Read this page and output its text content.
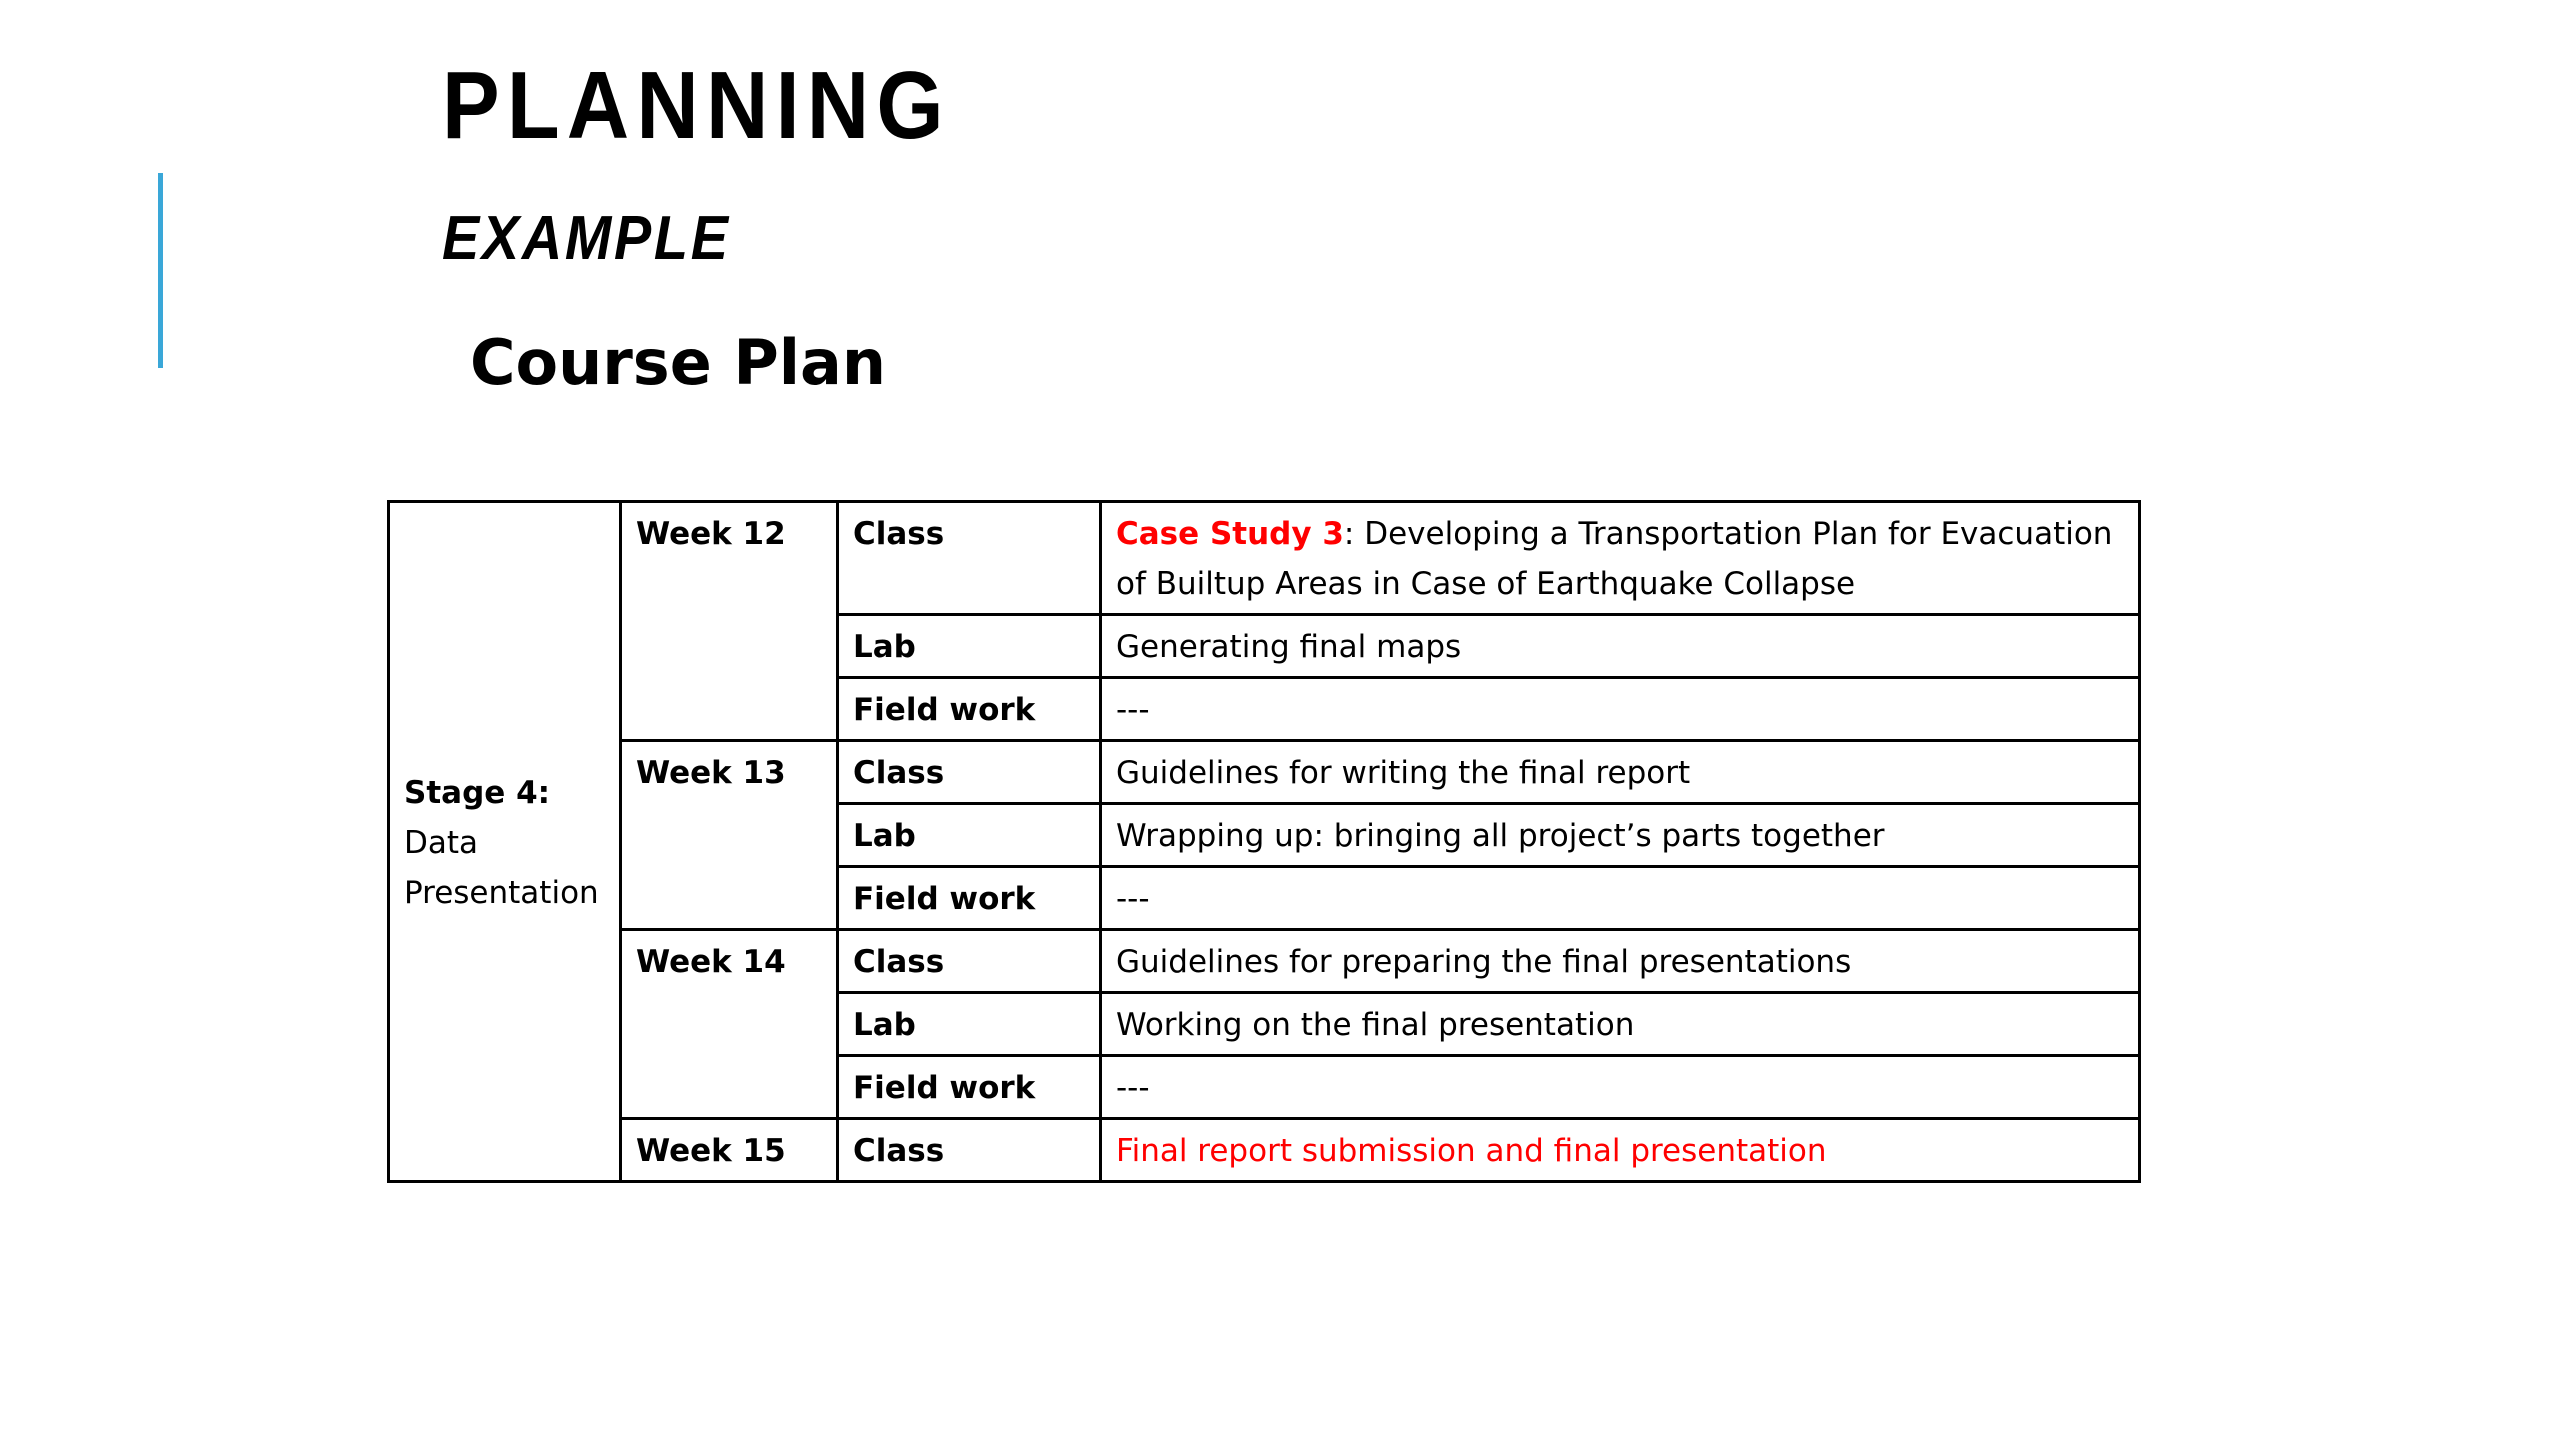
PLANNING
EXAMPLE
Course Plan
Stage 4:
Data
Presentation	Week 12	Class	Case Study 3: Developing a Transportation Plan for Evacuation of Builtup Areas in Case of Earthquake Collapse
		Lab	Generating final maps
		Field work	---
	Week 13	Class	Guidelines for writing the final report
		Lab	Wrapping up: bringing all project’s parts together
		Field work	---
	Week 14	Class	Guidelines for preparing the final presentations
		Lab	Working on the final presentation
		Field work	---
	Week 15	Class	Final report submission and final presentation
